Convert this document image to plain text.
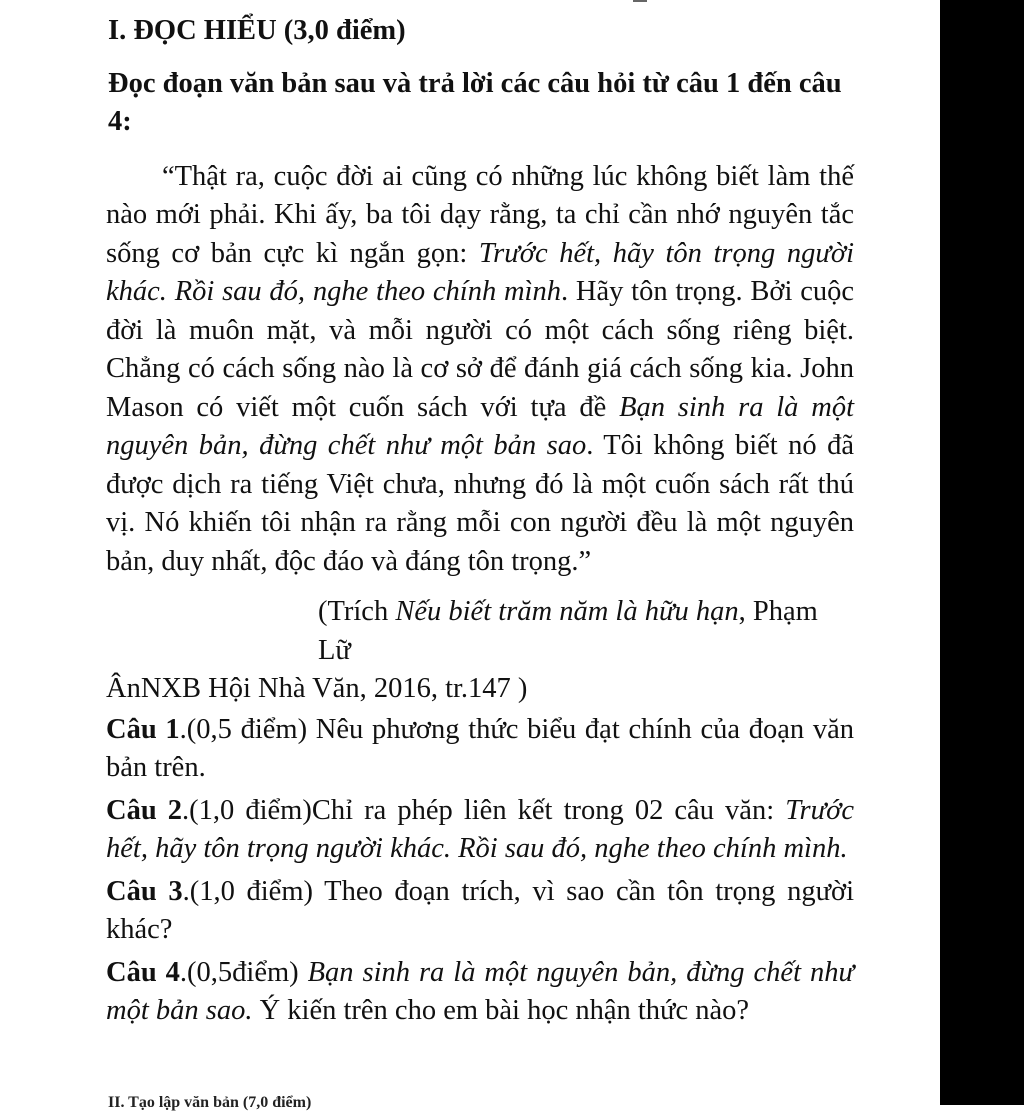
I. ĐỌC HIỂU (3,0 điểm)
Đọc đoạn văn bản sau và trả lời các câu hỏi từ câu 1 đến câu 4:

“Thật ra, cuộc đời ai cũng có những lúc không biết làm thế nào mới phải. Khi ấy, ba tôi dạy rằng, ta chỉ cần nhớ nguyên tắc sống cơ bản cực kì ngắn gọn: Trước hết, hãy tôn trọng người khác. Rồi sau đó, nghe theo chính mình. Hãy tôn trọng. Bởi cuộc đời là muôn mặt, và mỗi người có một cách sống riêng biệt. Chẳng có cách sống nào là cơ sở để đánh giá cách sống kia. John Mason có viết một cuốn sách với tựa đề Bạn sinh ra là một nguyên bản, đừng chết như một bản sao. Tôi không biết nó đã được dịch ra tiếng Việt chưa, nhưng đó là một cuốn sách rất thú vị. Nó khiến tôi nhận ra rằng mỗi con người đều là một nguyên bản, duy nhất, độc đáo và đáng tôn trọng.”

(Trích Nếu biết trăm năm là hữu hạn, Phạm Lữ
ÂnNXB Hội Nhà Văn, 2016, tr.147 )

Câu 1.(0,5 điểm) Nêu phương thức biểu đạt chính của đoạn văn bản trên.

Câu 2.(1,0 điểm)Chỉ ra phép liên kết trong 02 câu văn: Trước hết, hãy tôn trọng người khác. Rồi sau đó, nghe theo chính mình.

Câu 3.(1,0 điểm) Theo đoạn trích, vì sao cần tôn trọng người khác?

Câu 4.(0,5điểm) Bạn sinh ra là một nguyên bản, đừng chết như một bản sao. Ý kiến trên cho em bài học nhận thức nào?

II. Tạo lập văn bản (7,0 điểm)
